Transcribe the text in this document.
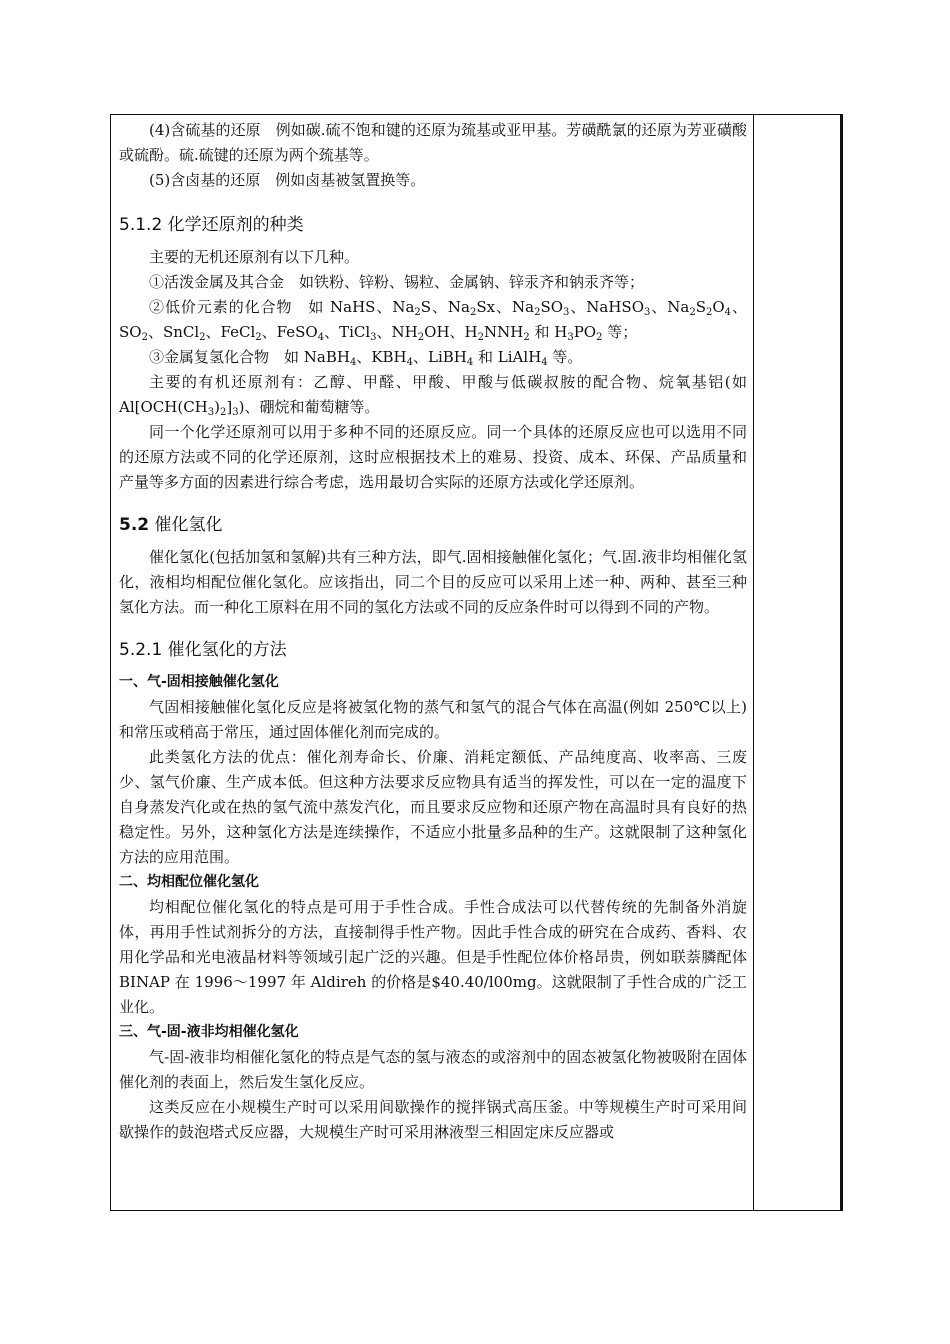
(4)含硫基的还原　例如碳.硫不饱和键的还原为巯基或亚甲基。芳磺酰氯的还原为芳亚磺酸或硫酚。硫.硫键的还原为两个巯基等。

(5)含卤基的还原　例如卤基被氢置换等。

5.1.2 化学还原剂的种类

主要的无机还原剂有以下几种。

①活泼金属及其合金　如铁粉、锌粉、锡粒、金属钠、锌汞齐和钠汞齐等；

②低价元素的化合物　如 NaHS、$Na_2S$、$Na_2Sx$、$Na_2SO_3$、NaHSO$_3$、$Na_2S_2O_4$、$SO_2$、SnCl$_2$、FeCl$_2$、FeSO$_4$、TiCl$_3$、$NH_2OH$、$H_2NNH_2$ 和 $H_3PO_2$ 等；

③金属复氢化合物　如 NaBH$_4$、$KBH_4$、LiBH$_4$ 和 LiAlH$_4$ 等。

主要的有机还原剂有：乙醇、甲醛、甲酸、甲酸与低碳叔胺的配合物、烷氧基铝(如 $Al[OCH(CH_3)_2]_3$)、硼烷和葡萄糖等。

同一个化学还原剂可以用于多种不同的还原反应。同一个具体的还原反应也可以选用不同的还原方法或不同的化学还原剂，这时应根据技术上的难易、投资、成本、环保、产品质量和产量等多方面的因素进行综合考虑，选用最切合实际的还原方法或化学还原剂。

5.2 催化氢化

催化氢化(包括加氢和氢解)共有三种方法，即气.固相接触催化氢化；气.固.液非均相催化氢化，液相均相配位催化氢化。应该指出，同二个目的反应可以采用上述一种、两种、甚至三种氢化方法。而一种化工原料在用不同的氢化方法或不同的反应条件时可以得到不同的产物。

5.2.1 催化氢化的方法
一、气-固相接触催化氢化

气固相接触催化氢化反应是将被氢化物的蒸气和氢气的混合气体在高温(例如 250℃以上)和常压或稍高于常压，通过固体催化剂而完成的。

此类氢化方法的优点：催化剂寿命长、价廉、消耗定额低、产品纯度高、收率高、三废少、氢气价廉、生产成本低。但这种方法要求反应物具有适当的挥发性，可以在一定的温度下自身蒸发汽化或在热的氢气流中蒸发汽化，而且要求反应物和还原产物在高温时具有良好的热稳定性。另外，这种氢化方法是连续操作，不适应小批量多品种的生产。这就限制了这种氢化方法的应用范围。

二、均相配位催化氢化

均相配位催化氢化的特点是可用于手性合成。手性合成法可以代替传统的先制备外消旋体，再用手性试剂拆分的方法，直接制得手性产物。因此手性合成的研究在合成药、香料、农用化学品和光电液晶材料等领域引起广泛的兴趣。但是手性配位体价格昂贵，例如联萘膦配体 BINAP 在 1996～1997 年 Aldireh 的价格是$40.40/l00mg。这就限制了手性合成的广泛工业化。

三、气-固-液非均相催化氢化

气-固-液非均相催化氢化的特点是气态的氢与液态的或溶剂中的固态被氢化物被吸附在固体催化剂的表面上，然后发生氢化反应。

这类反应在小规模生产时可以采用间歇操作的搅拌锅式高压釜。中等规模生产时可采用间歇操作的鼓泡塔式反应器，大规模生产时可采用淋液型三相固定床反应器或
